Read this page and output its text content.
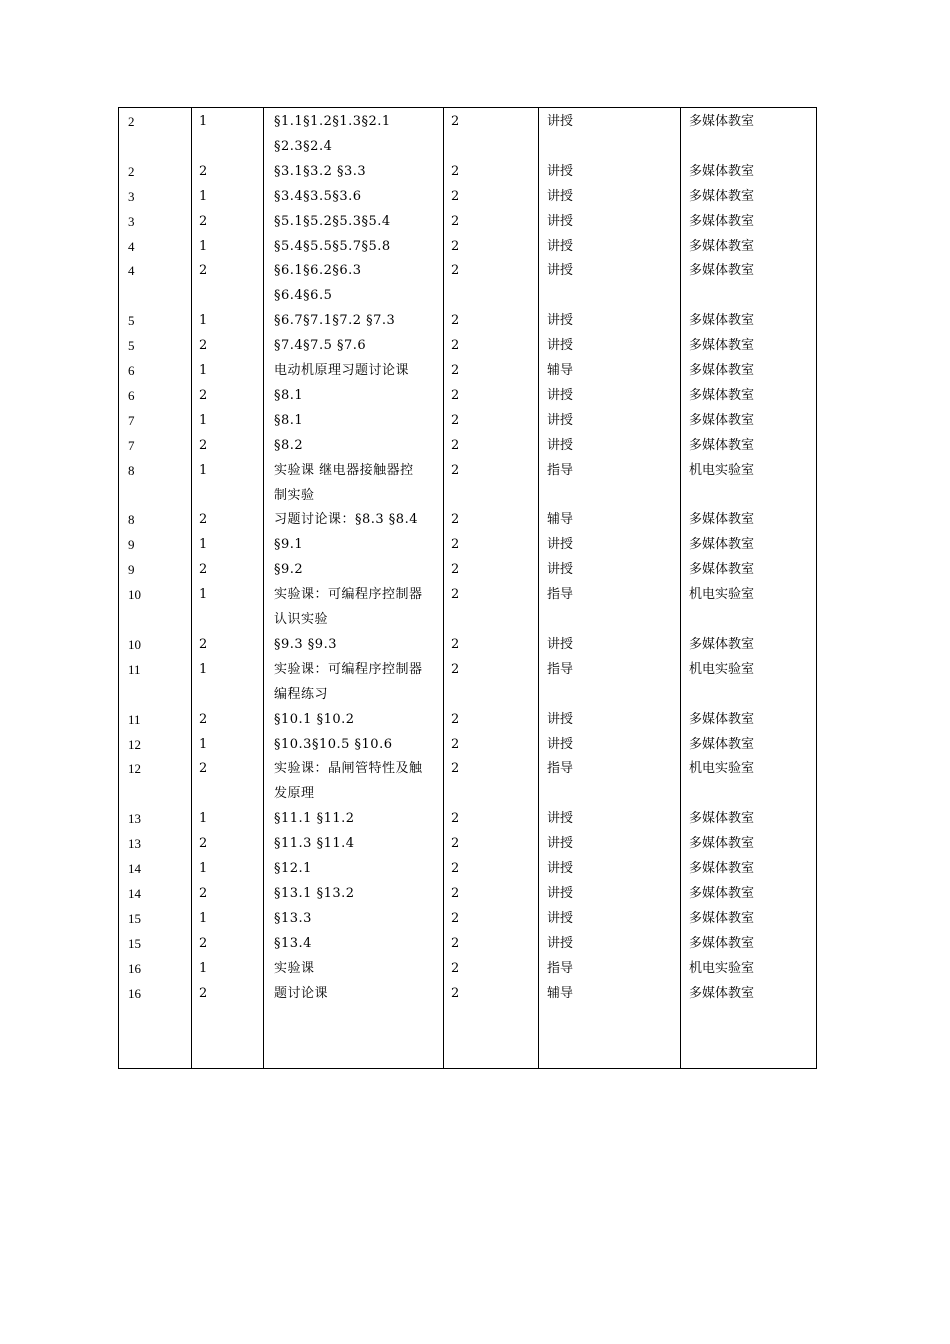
2	1	§1.1§1.2§1.3§2.1	2	讲授	多媒体教室
§2.3§2.4
2	2	§3.1§3.2 §3.3	2	讲授	多媒体教室
3	1	§3.4§3.5§3.6	2	讲授	多媒体教室
3	2	§5.1§5.2§5.3§5.4	2	讲授	多媒体教室
4	1	§5.4§5.5§5.7§5.8	2	讲授	多媒体教室
4	2	§6.1§6.2§6.3	2	讲授	多媒体教室
§6.4§6.5
5	1	§6.7§7.1§7.2 §7.3	2	讲授	多媒体教室
5	2	§7.4§7.5 §7.6	2	讲授	多媒体教室
6	1	电动机原理习题讨论课	2	辅导	多媒体教室
6	2	§8.1	2	讲授	多媒体教室
7	1	§8.1	2	讲授	多媒体教室
7	2	§8.2	2	讲授	多媒体教室
8	1	实验课 继电器接触器控	2	指导	机电实验室
制实验
8	2	习题讨论课：§8.3 §8.4	2	辅导	多媒体教室
9	1	§9.1	2	讲授	多媒体教室
9	2	§9.2	2	讲授	多媒体教室
10	1	实验课：可编程序控制器 2	指导	机电实验室
认识实验
10	2	§9.3 §9.3	2	讲授	多媒体教室
11	1	实验课：可编程序控制器 2	指导	机电实验室
编程练习
11	2	§10.1 §10.2	2	讲授	多媒体教室
12	1	§10.3§10.5 §10.6	2	讲授	多媒体教室
12	2	实验课：晶闸管特性及触 2	指导	机电实验室
发原理
13	1	§11.1 §11.2	2	讲授	多媒体教室
13	2	§11.3 §11.4	2	讲授	多媒体教室
14	1	§12.1	2	讲授	多媒体教室
14	2	§13.1 §13.2	2	讲授	多媒体教室
15	1	§13.3	2	讲授	多媒体教室
15	2	§13.4	2	讲授	多媒体教室
16	1	实验课	2	指导	机电实验室
16	2	题讨论课	2	辅导	多媒体教室
